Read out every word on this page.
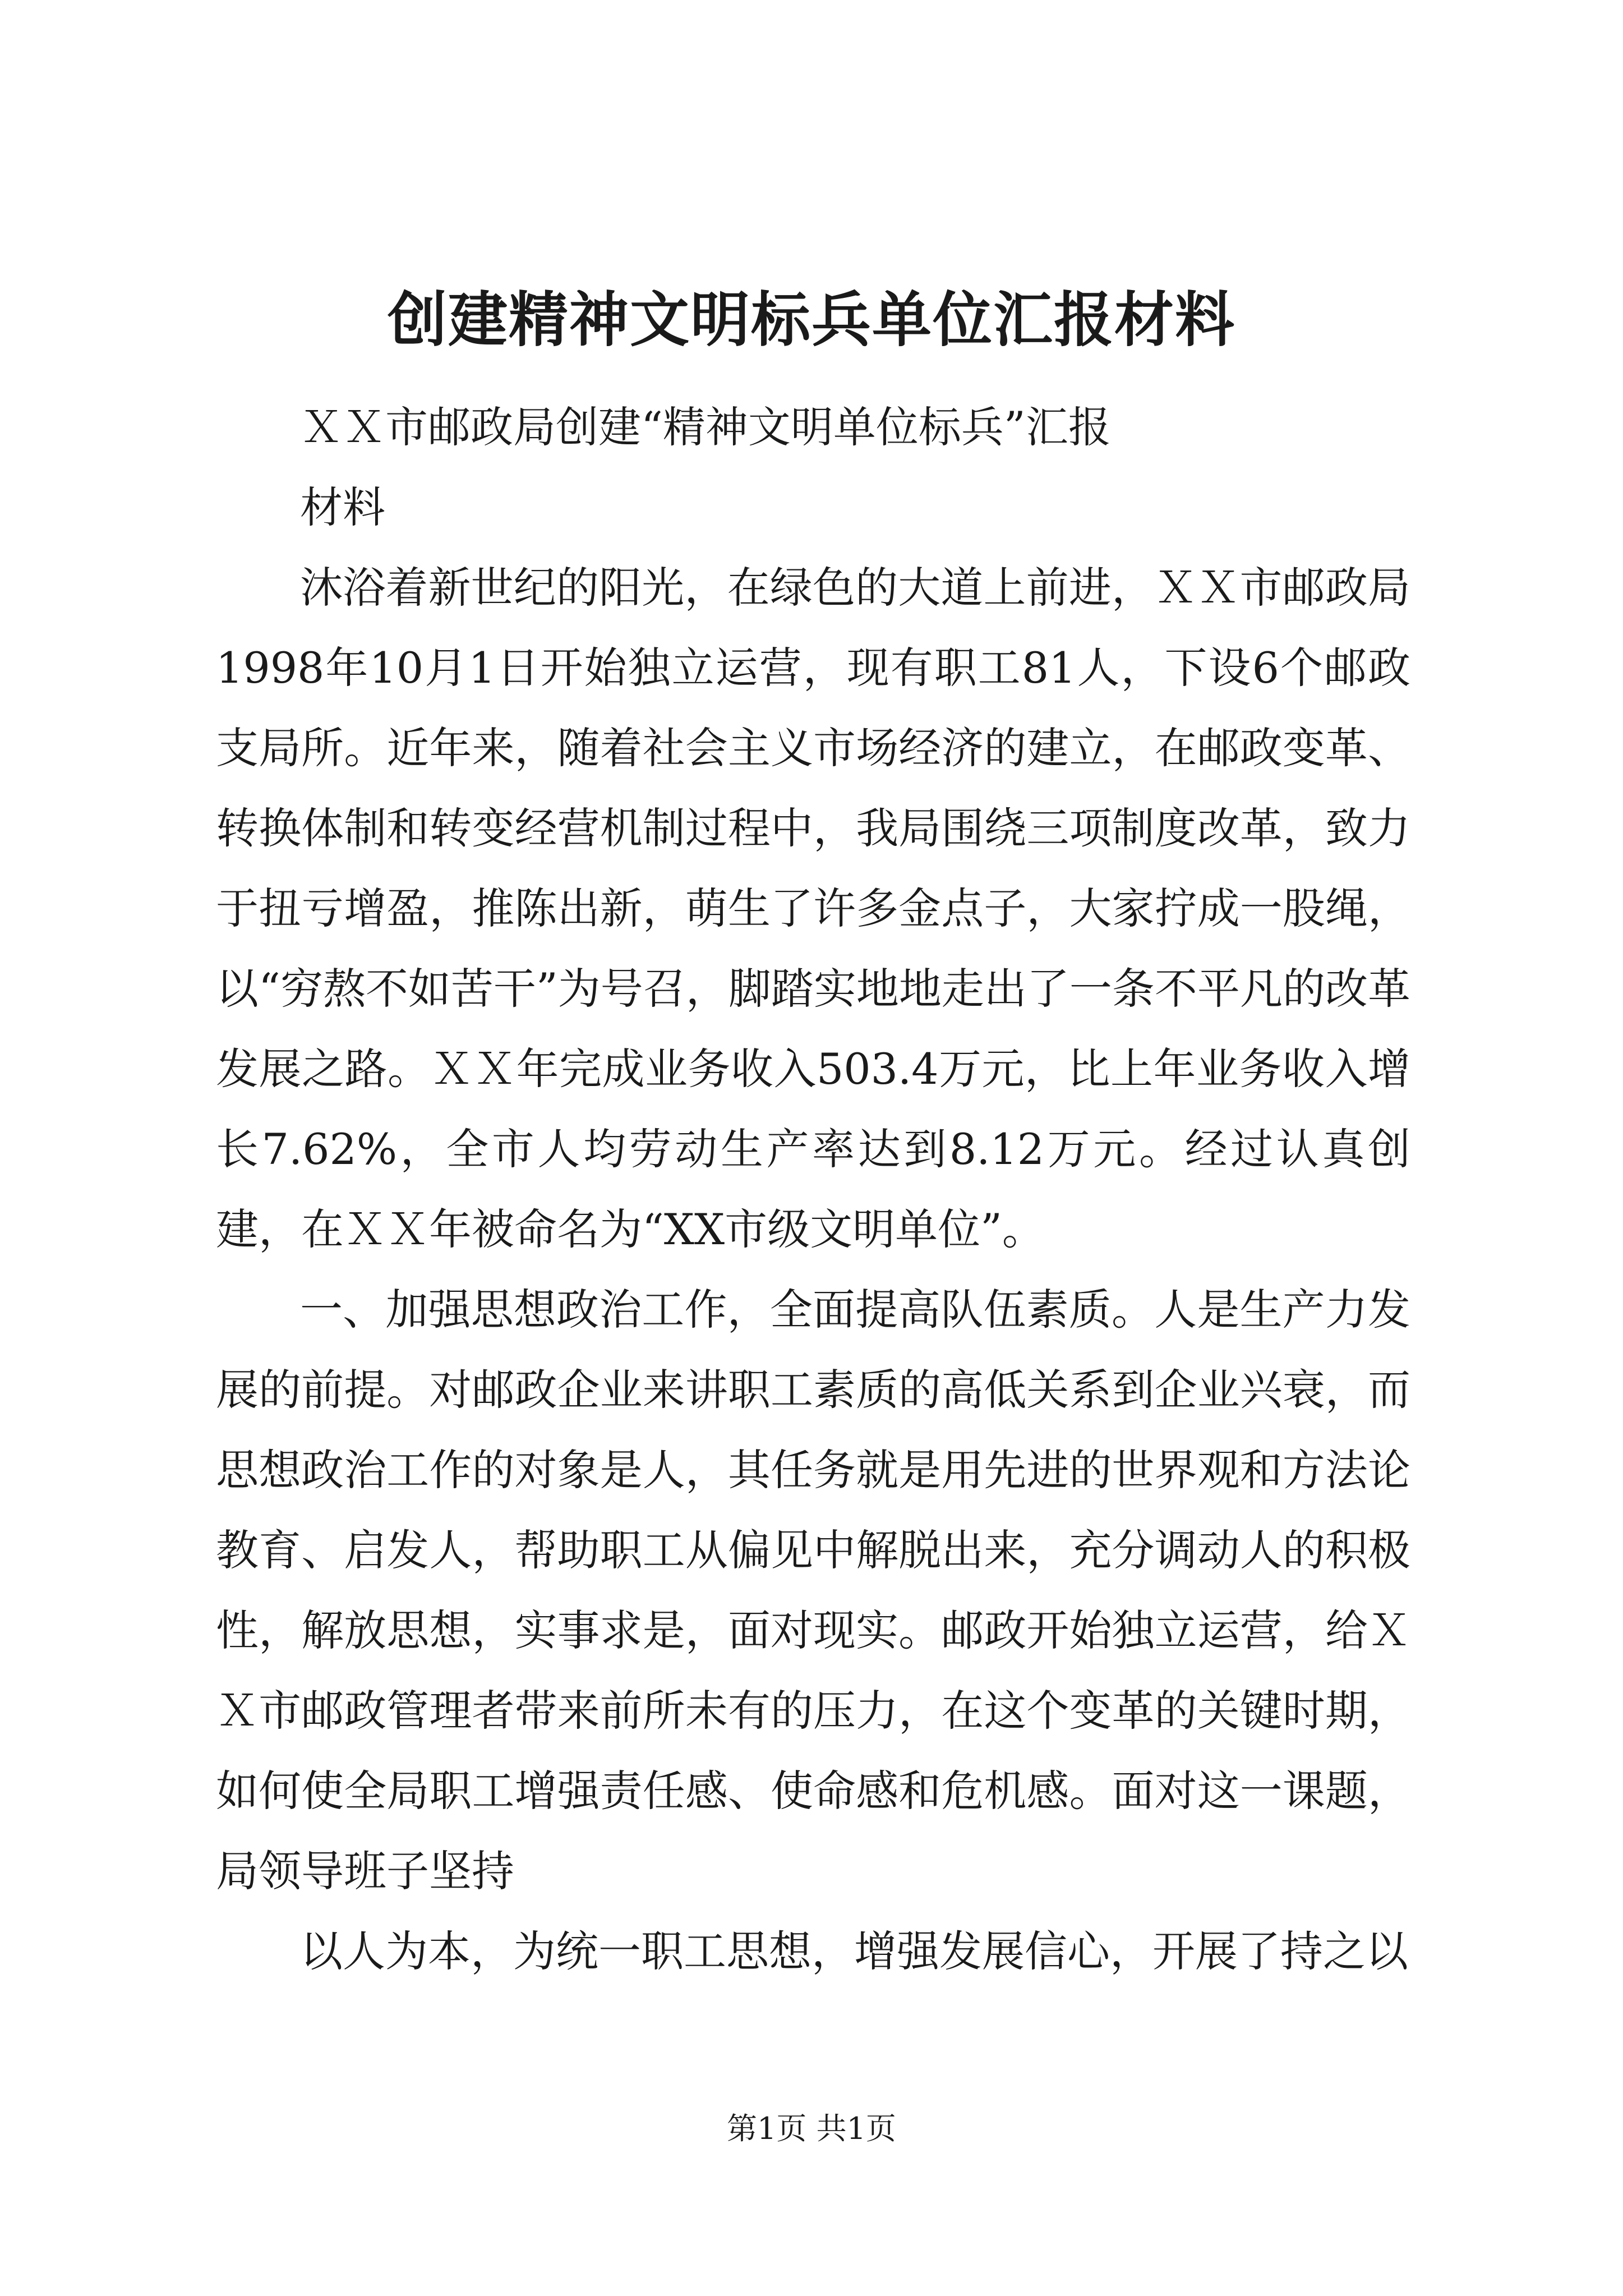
创建精神文明标兵单位汇报材料

ＸＸ市邮政局创建“精神文明单位标兵”汇报

材料

沐浴着新世纪的阳光，在绿色的大道上前进，ＸＸ市邮政局1998年10月1日开始独立运营，现有职工81人，下设6个邮政支局所。近年来，随着社会主义市场经济的建立，在邮政变革、转换体制和转变经营机制过程中，我局围绕三项制度改革，致力于扭亏增盈，推陈出新，萌生了许多金点子，大家拧成一股绳，以“穷熬不如苦干”为号召，脚踏实地地走出了一条不平凡的改革发展之路。ＸＸ年完成业务收入503.4万元，比上年业务收入增长7.62%，全市人均劳动生产率达到8.12万元。经过认真创建，在ＸＸ年被命名为“XX市级文明单位”。

一、加强思想政治工作，全面提高队伍素质。人是生产力发展的前提。对邮政企业来讲职工素质的高低关系到企业兴衰，而思想政治工作的对象是人，其任务就是用先进的世界观和方法论教育、启发人，帮助职工从偏见中解脱出来，充分调动人的积极性，解放思想，实事求是，面对现实。邮政开始独立运营，给ＸＸ市邮政管理者带来前所未有的压力，在这个变革的关键时期，如何使全局职工增强责任感、使命感和危机感。面对这一课题，局领导班子坚持

以人为本，为统一职工思想，增强发展信心，开展了持之以

第1页 共1页
